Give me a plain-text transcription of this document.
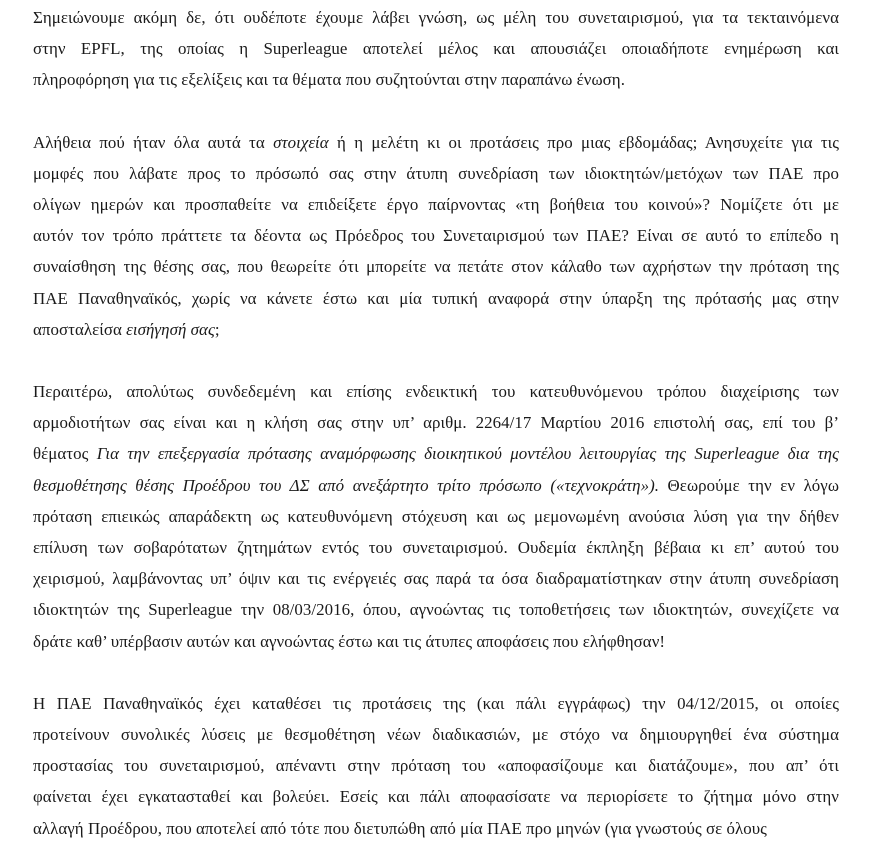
Σημειώνουμε ακόμη δε, ότι ουδέποτε έχουμε λάβει γνώση, ως μέλη του συνεταιρισμού, για τα τεκταινόμενα
στην EPFL, της οποίας η Superleague αποτελεί μέλος και απουσιάζει οποιαδήποτε ενημέρωση και
πληροφόρηση για τις εξελίξεις και τα θέματα που συζητούνται στην παραπάνω ένωση.
Αλήθεια πού ήταν όλα αυτά τα στοιχεία ή η μελέτη κι οι προτάσεις προ μιας εβδομάδας; Ανησυχείτε για τις
μομφές που λάβατε προς το πρόσωπό σας στην άτυπη συνεδρίαση των ιδιοκτητών/μετόχων των ΠΑΕ προ
ολίγων ημερών και προσπαθείτε να επιδείξετε έργο παίρνοντας «τη βοήθεια του κοινού»? Νομίζετε ότι με
αυτόν τον τρόπο πράττετε τα δέοντα ως Πρόεδρος του Συνεταιρισμού των ΠΑΕ? Είναι σε αυτό το επίπεδο η
συναίσθηση της θέσης σας, που θεωρείτε ότι μπορείτε να πετάτε στον κάλαθο των αχρήστων την πρόταση της
ΠΑΕ Παναθηναϊκός, χωρίς να κάνετε έστω και μία τυπική αναφορά στην ύπαρξη της πρότασής μας στην
αποσταλείσα εισήγησή σας;
Περαιτέρω, απολύτως συνδεδεμένη και επίσης ενδεικτική του κατευθυνόμενου τρόπου διαχείρισης των
αρμοδιοτήτων σας είναι και η κλήση σας στην υπ’ αριθμ. 2264/17 Μαρτίου 2016 επιστολή σας, επί του β’
θέματος Για την επεξεργασία πρότασης αναμόρφωσης διοικητικού μοντέλου λειτουργίας της Superleague δια της
θεσμοθέτησης θέσης Προέδρου του ΔΣ από ανεξάρτητο τρίτο πρόσωπο («τεχνοκράτη»). Θεωρούμε την εν λόγω
πρόταση επιεικώς απαράδεκτη ως κατευθυνόμενη στόχευση και ως μεμονωμένη ανούσια λύση για την δήθεν
επίλυση των σοβαρότατων ζητημάτων εντός του συνεταιρισμού. Ουδεμία έκπληξη βέβαια κι επ’ αυτού του
χειρισμού, λαμβάνοντας υπ’ όψιν και τις ενέργειές σας παρά τα όσα διαδραματίστηκαν στην άτυπη συνεδρίαση
ιδιοκτητών της Superleague την 08/03/2016, όπου, αγνοώντας τις τοποθετήσεις των ιδιοκτητών, συνεχίζετε να
δράτε καθ’ υπέρβασιν αυτών και αγνοώντας έστω και τις άτυπες αποφάσεις που ελήφθησαν!
Η ΠΑΕ Παναθηναϊκός έχει καταθέσει τις προτάσεις της (και πάλι εγγράφως) την 04/12/2015, οι οποίες
προτείνουν συνολικές λύσεις με θεσμοθέτηση νέων διαδικασιών, με στόχο να δημιουργηθεί ένα σύστημα
προστασίας του συνεταιρισμού, απέναντι στην πρόταση του «αποφασίζουμε και διατάζουμε», που απ’ ότι
φαίνεται έχει εγκατασταθεί και βολεύει. Εσείς και πάλι αποφασίσατε να περιορίσετε το ζήτημα μόνο στην
αλλαγή Προέδρου, που αποτελεί από τότε που διετυπώθη από μία ΠΑΕ προ μηνών (για γνωστούς σε όλους
